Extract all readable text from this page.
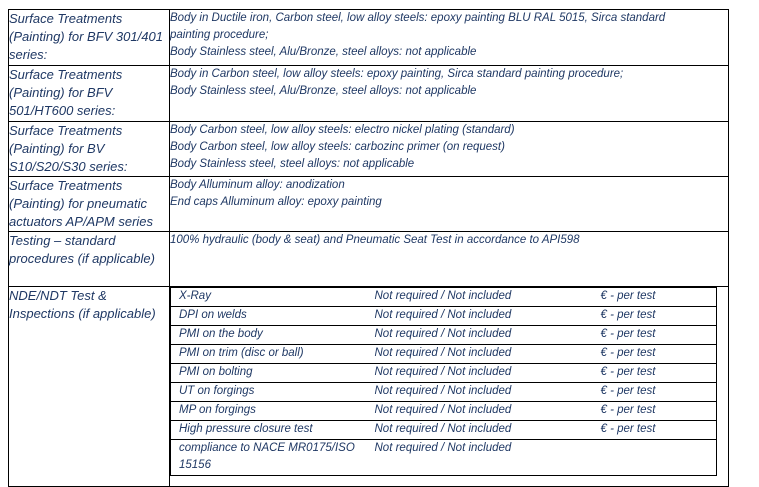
Surface Treatments (Painting) for BFV 301/401 series:	
Body in Ductile iron, Carbon steel, low alloy steels: epoxy painting BLU RAL 5015, Sirca standard
painting procedure;
Body Stainless steel, Alu/Bronze, steel alloys: not applicable

Surface Treatments (Painting) for BFV 501/HT600 series:	
Body in Carbon steel, low alloy steels: epoxy painting, Sirca standard painting procedure;
Body Stainless steel, Alu/Bronze, steel alloys: not applicable

Surface Treatments (Painting) for BV S10/S20/S30 series:	
Body Carbon steel, low alloy steels: electro nickel plating (standard)
Body Carbon steel, low alloy steels: carbozinc primer (on request)
Body Stainless steel, steel alloys: not applicable

Surface Treatments (Painting) for pneumatic actuators AP/APM series	
Body Alluminum alloy: anodization
End caps Alluminum alloy: epoxy painting

Testing – standard procedures (if applicable)	
100% hydraulic (body & seat) and Pneumatic Seat Test in accordance to API598

NDE/NDT Test & Inspections (if applicable)	
X-Ray	Not required / Not included	€ - per test
DPI on welds	Not required / Not included	€ - per test
PMI on the body	Not required / Not included	€ - per test
PMI on trim (disc or ball)	Not required / Not included	€ - per test
PMI on bolting	Not required / Not included	€ - per test
UT on forgings	Not required / Not included	€ - per test
MP on forgings	Not required / Not included	€ - per test
High pressure closure test	Not required / Not included	€ - per test
compliance to NACE MR0175/ISO 15156	Not required / Not included	
